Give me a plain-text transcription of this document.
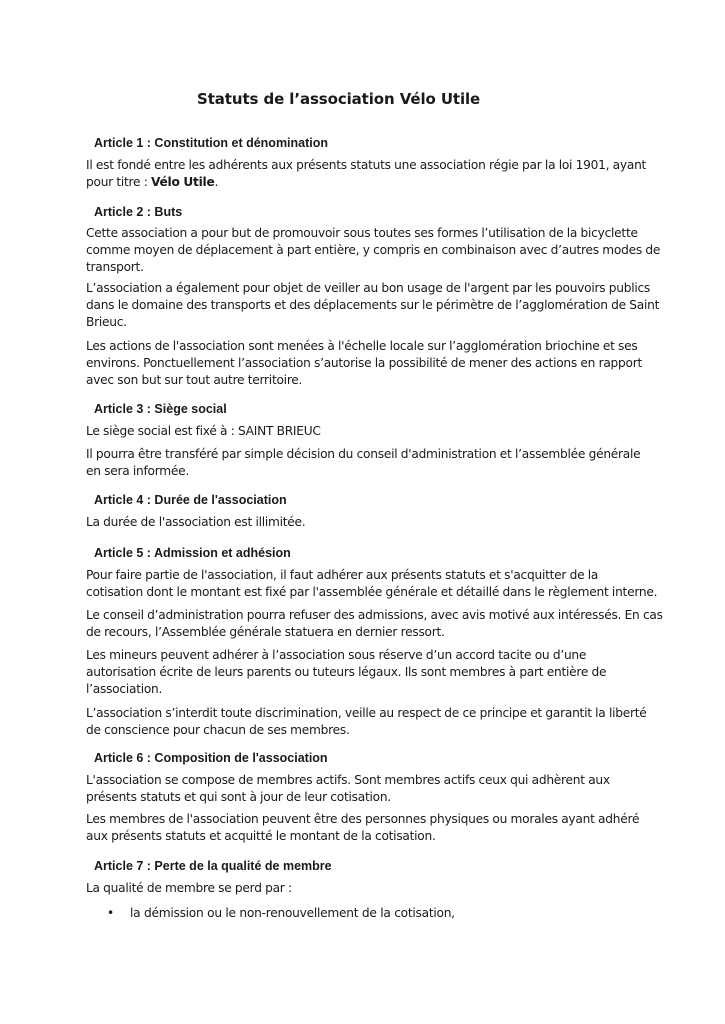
Statuts de l’association Vélo Utile
Article 1 : Constitution et dénomination

Il est fondé entre les adhérents aux présents statuts une association régie par la loi 1901, ayant
pour titre : Vélo Utile.

Article 2 : Buts

Cette association a pour but de promouvoir sous toutes ses formes l’utilisation de la bicyclette
comme moyen de déplacement à part entière, y compris en combinaison avec d’autres modes de
transport.

L’association a également pour objet de veiller au bon usage de l'argent par les pouvoirs publics
dans le domaine des transports et des déplacements sur le périmètre de l’agglomération de Saint
Brieuc.

Les actions de l'association sont menées à l'échelle locale sur l’agglomération briochine et ses
environs. Ponctuellement l’association s’autorise la possibilité de mener des actions en rapport
avec son but sur tout autre territoire.

Article 3 : Siège social

Le siège social est fixé à : SAINT BRIEUC

Il pourra être transféré par simple décision du conseil d'administration et l’assemblée générale
en sera informée.

Article 4 : Durée de l'association

La durée de l'association est illimitée.

Article 5 : Admission et adhésion

Pour faire partie de l'association, il faut adhérer aux présents statuts et s'acquitter de la
cotisation dont le montant est fixé par l'assemblée générale et détaillé dans le règlement interne.

Le conseil d’administration pourra refuser des admissions, avec avis motivé aux intéressés. En cas
de recours, l’Assemblée générale statuera en dernier ressort.

Les mineurs peuvent adhérer à l’association sous réserve d’un accord tacite ou d’une
autorisation écrite de leurs parents ou tuteurs légaux. Ils sont membres à part entière de
l’association.

L’association s’interdit toute discrimination, veille au respect de ce principe et garantit la liberté
de conscience pour chacun de ses membres.

Article 6 : Composition de l'association

L'association se compose de membres actifs. Sont membres actifs ceux qui adhèrent aux
présents statuts et qui sont à jour de leur cotisation.

Les membres de l'association peuvent être des personnes physiques ou morales ayant adhéré
aux présents statuts et acquitté le montant de la cotisation.

Article 7 : Perte de la qualité de membre

La qualité de membre se perd par :

• la démission ou le non-renouvellement de la cotisation,
